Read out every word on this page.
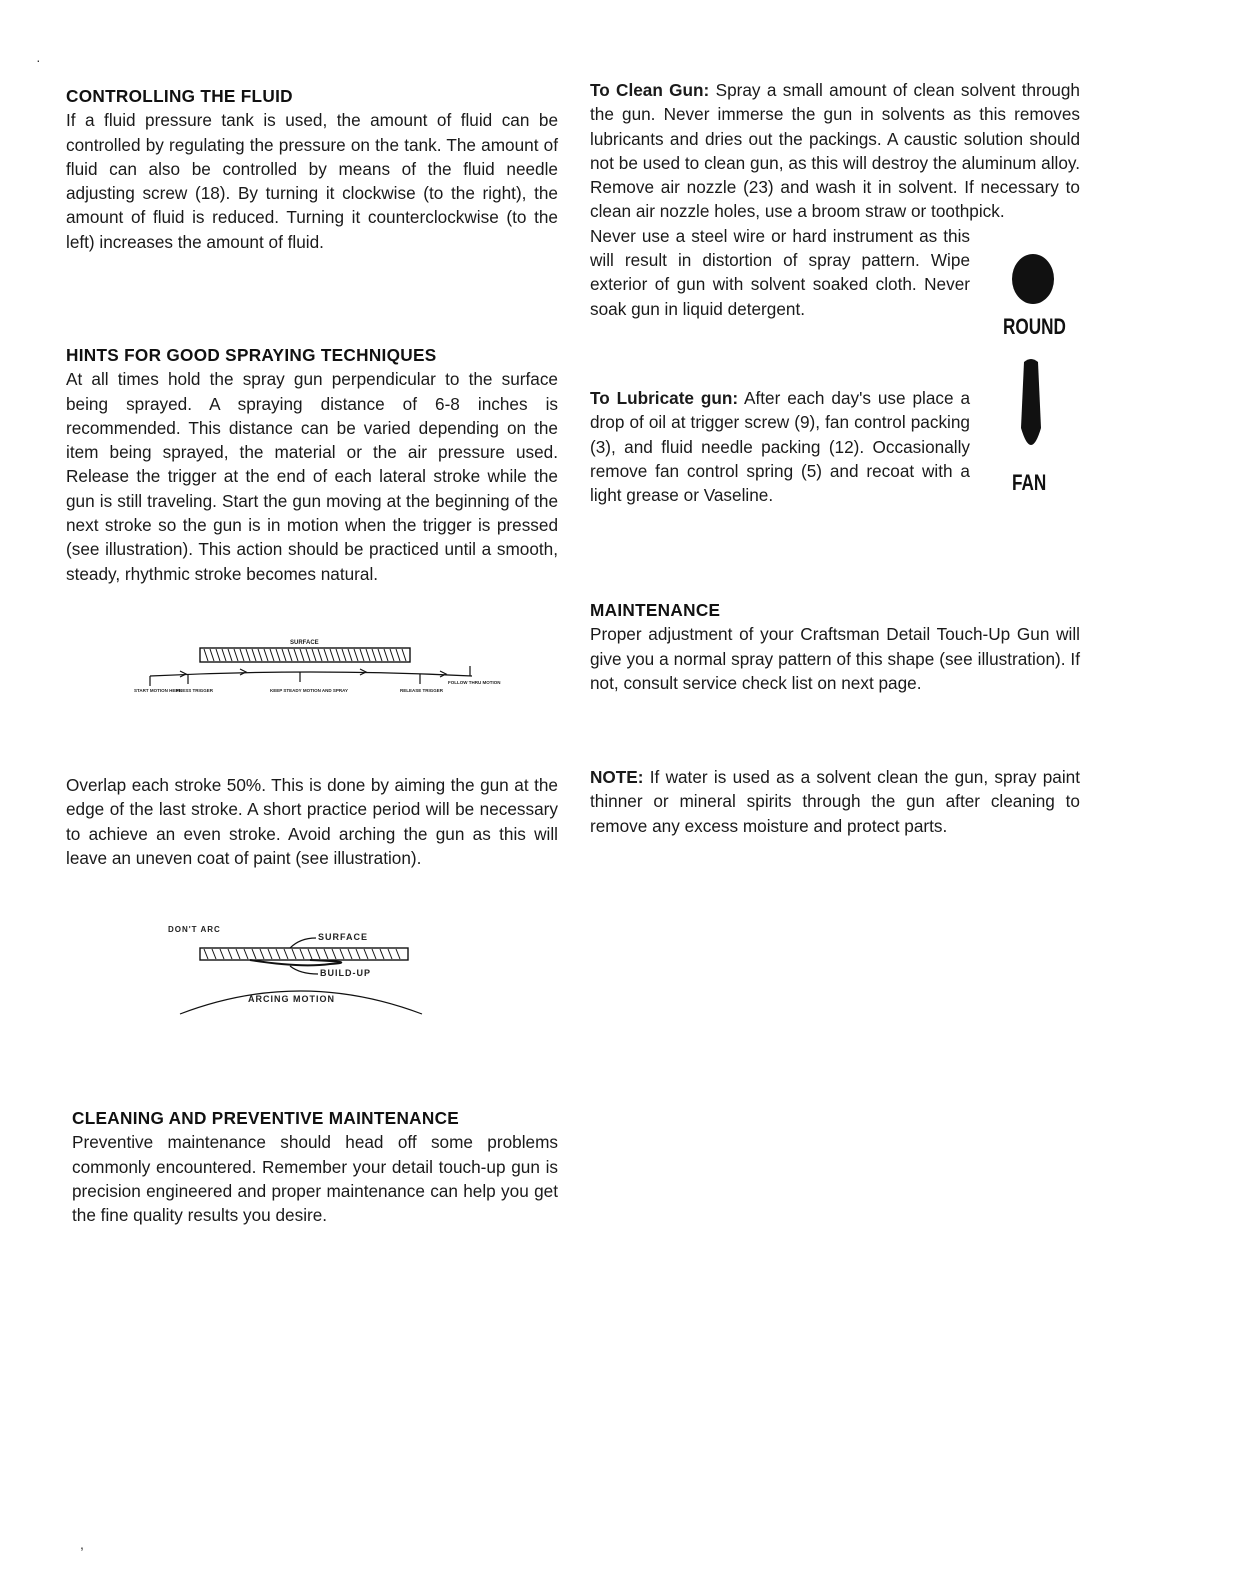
·
,
CONTROLLING THE FLUID

If a fluid pressure tank is used, the amount of fluid can be controlled by regulating the pressure on the tank. The amount of fluid can also be controlled by means of the fluid needle adjusting screw (18). By turning it clockwise (to the right), the amount of fluid is reduced. Turning it counterclockwise (to the left) increases the amount of fluid.

HINTS FOR GOOD SPRAYING TECHNIQUES

At all times hold the spray gun perpendicular to the surface being sprayed. A spraying distance of 6-8 inches is recommended. This distance can be varied depending on the item being sprayed, the material or the air pressure used. Release the trigger at the end of each lateral stroke while the gun is still traveling. Start the gun moving at the beginning of the next stroke so the gun is in motion when the trigger is pressed (see illustration). This action should be practiced until a smooth, steady, rhythmic stroke becomes natural.

Overlap each stroke 50%. This is done by aiming the gun at the edge of the last stroke. A short practice period will be necessary to achieve an even stroke. Avoid arching the gun as this will leave an uneven coat of paint (see illustration).

CLEANING AND PREVENTIVE MAINTENANCE

Preventive maintenance should head off some problems commonly encountered. Remember your detail touch-up gun is precision engineered and proper maintenance can help you get the fine quality results you desire.

SURFACE
START MOTION HERE
PRESS TRIGGER	KEEP STEADY MOTION AND SPRAY	RELEASE TRIGGER
FOLLOW THRU MOTION
DON'T ARC
SURFACE
BUILD-UP
ARCING MOTION

To Clean Gun: Spray a small amount of clean solvent through the gun. Never immerse the gun in solvents as this removes lubricants and dries out the packings. A caustic solution should not be used to clean gun, as this will destroy the aluminum alloy. Remove air nozzle (23) and wash it in solvent. If necessary to clean air nozzle holes, use a broom straw or toothpick.

Never use a steel wire or hard instrument as this will result in distortion of spray pattern. Wipe exterior of gun with solvent soaked cloth. Never soak gun in liquid detergent.

To Lubricate gun: After each day's use place a drop of oil at trigger screw (9), fan control packing (3), and fluid needle packing (12). Occasionally remove fan control spring (5) and recoat with a light grease or Vaseline.

MAINTENANCE

Proper adjustment of your Craftsman Detail Touch-Up Gun will give you a normal spray pattern of this shape (see illustration). If not, consult service check list on next page.

NOTE: If water is used as a solvent clean the gun, spray paint thinner or mineral spirits through the gun after cleaning to remove any excess moisture and protect parts.

ROUND
FAN
